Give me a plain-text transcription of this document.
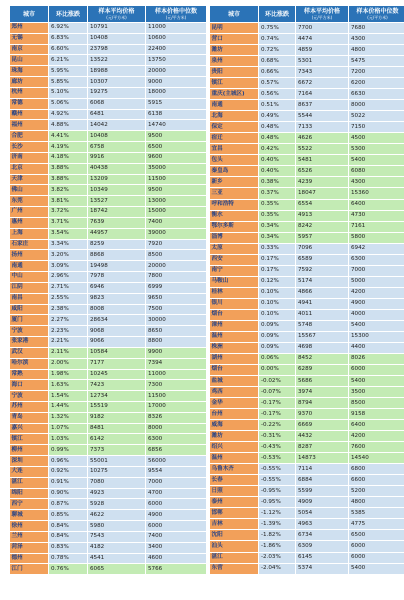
城市	环比涨跌	样本平均价格
(元/平方米)	样本价格中位数
(元/平方米)

郑州	6.92%	10791	11000
无锡	6.83%	10408	10600
南京	6.60%	23798	22400
昆山	6.21%	13522	13750
珠海	5.95%	18988	20000
廊坊	5.85%	10307	9000
杭州	5.10%	19275	18000
常德	5.06%	6068	5915
赣州	4.92%	6481	6138
福州	4.88%	14042	14740
合肥	4.41%	10408	9500
长沙	4.19%	6758	6500
济南	4.18%	9916	9600
北京	3.88%	40438	35000
天津	3.88%	13209	11500
佛山	3.82%	10349	9500
东莞	3.81%	13527	13000
广州	3.72%	18742	15000
惠州	3.71%	7639	7400
上海	3.54%	44957	39000
石家庄	3.34%	8259	7920
扬州	3.20%	8868	8500
南通	3.09%	19498	20000
中山	2.96%	7978	7800
江阴	2.71%	6946	6999
南昌	2.55%	9823	9650
咸阳	2.38%	8008	7500
厦门	2.27%	28634	30000
宁波	2.23%	9068	8650
张家港	2.21%	9066	8800
武汉	2.11%	10584	9900
哈尔滨	2.00%	7177	7394
常熟	1.98%	10245	11000
海口	1.63%	7423	7300
宁波	1.54%	12734	11500
苏州	1.44%	15519	17000
青岛	1.32%	9182	8326
嘉兴	1.07%	8481	8000
镇江	1.03%	6142	6300
柳州	0.99%	7373	6856
深圳	0.96%	55001	56000
大连	0.92%	10275	9554
湛江	0.91%	7080	7000
绵阳	0.90%	4923	4700
西宁	0.87%	5928	6000
聊城	0.85%	4622	4900
徐州	0.84%	5980	6000
兰州	0.84%	7543	7400
菏泽	0.83%	4182	3400
德州	0.78%	4541	4600
江门	0.76%	6065	5766
城市	环比涨跌	样本平均价格
(元/平方米)	样本价格中位数
(元/平方米)

昆明	0.75%	7700	7680
营口	0.74%	4474	4300
潍坊	0.72%	4859	4800
泉州	0.68%	5301	5475
贵阳	0.66%	7343	7200
镇江	0.57%	6672	6200
重庆(主城区)	0.56%	7164	6630
南通	0.51%	8637	8000
北海	0.49%	5544	5022
保定	0.48%	7133	7150
宿迁	0.48%	4626	4500
宜昌	0.42%	5522	5300
包头	0.40%	5481	5400
秦皇岛	0.40%	6526	6080
新乡	0.38%	4239	4300
三亚	0.37%	18047	15360
呼和浩特	0.35%	6554	6400
衡水	0.35%	4913	4730
鄂尔多斯	0.34%	8242	7161
淄博	0.34%	5957	5800
太原	0.33%	7096	6942
西安	0.17%	6589	6300
南宁	0.17%	7592	7000
马鞍山	0.12%	5174	5000
桂林	0.10%	4866	4200
银川	0.10%	4941	4900
烟台	0.10%	4011	4000
漳州	0.09%	5748	5400
温州	0.09%	15567	15300
株洲	0.09%	4698	4400
湖州	0.06%	8452	8026
烟台	0.00%	6289	6000
盐城	-0.02%	5686	5400
鸡西	-0.07%	3974	3500
金华	-0.17%	8794	8500
台州	-0.17%	9370	9158
威海	-0.22%	6669	6400
潍坊	-0.31%	4432	4200
绍兴	-0.43%	8287	7600
温州	-0.53%	14873	14540
乌鲁木齐	-0.55%	7114	6800
长春	-0.55%	6884	6600
日照	-0.95%	5599	5200
泰州	-0.95%	4909	4800
邯郸	-1.12%	5054	5385
吉林	-1.39%	4963	4775
沈阳	-1.82%	6734	6500
汕头	-1.86%	6309	6000
湛江	-2.03%	6145	6000
东营	-2.04%	5374	5400
